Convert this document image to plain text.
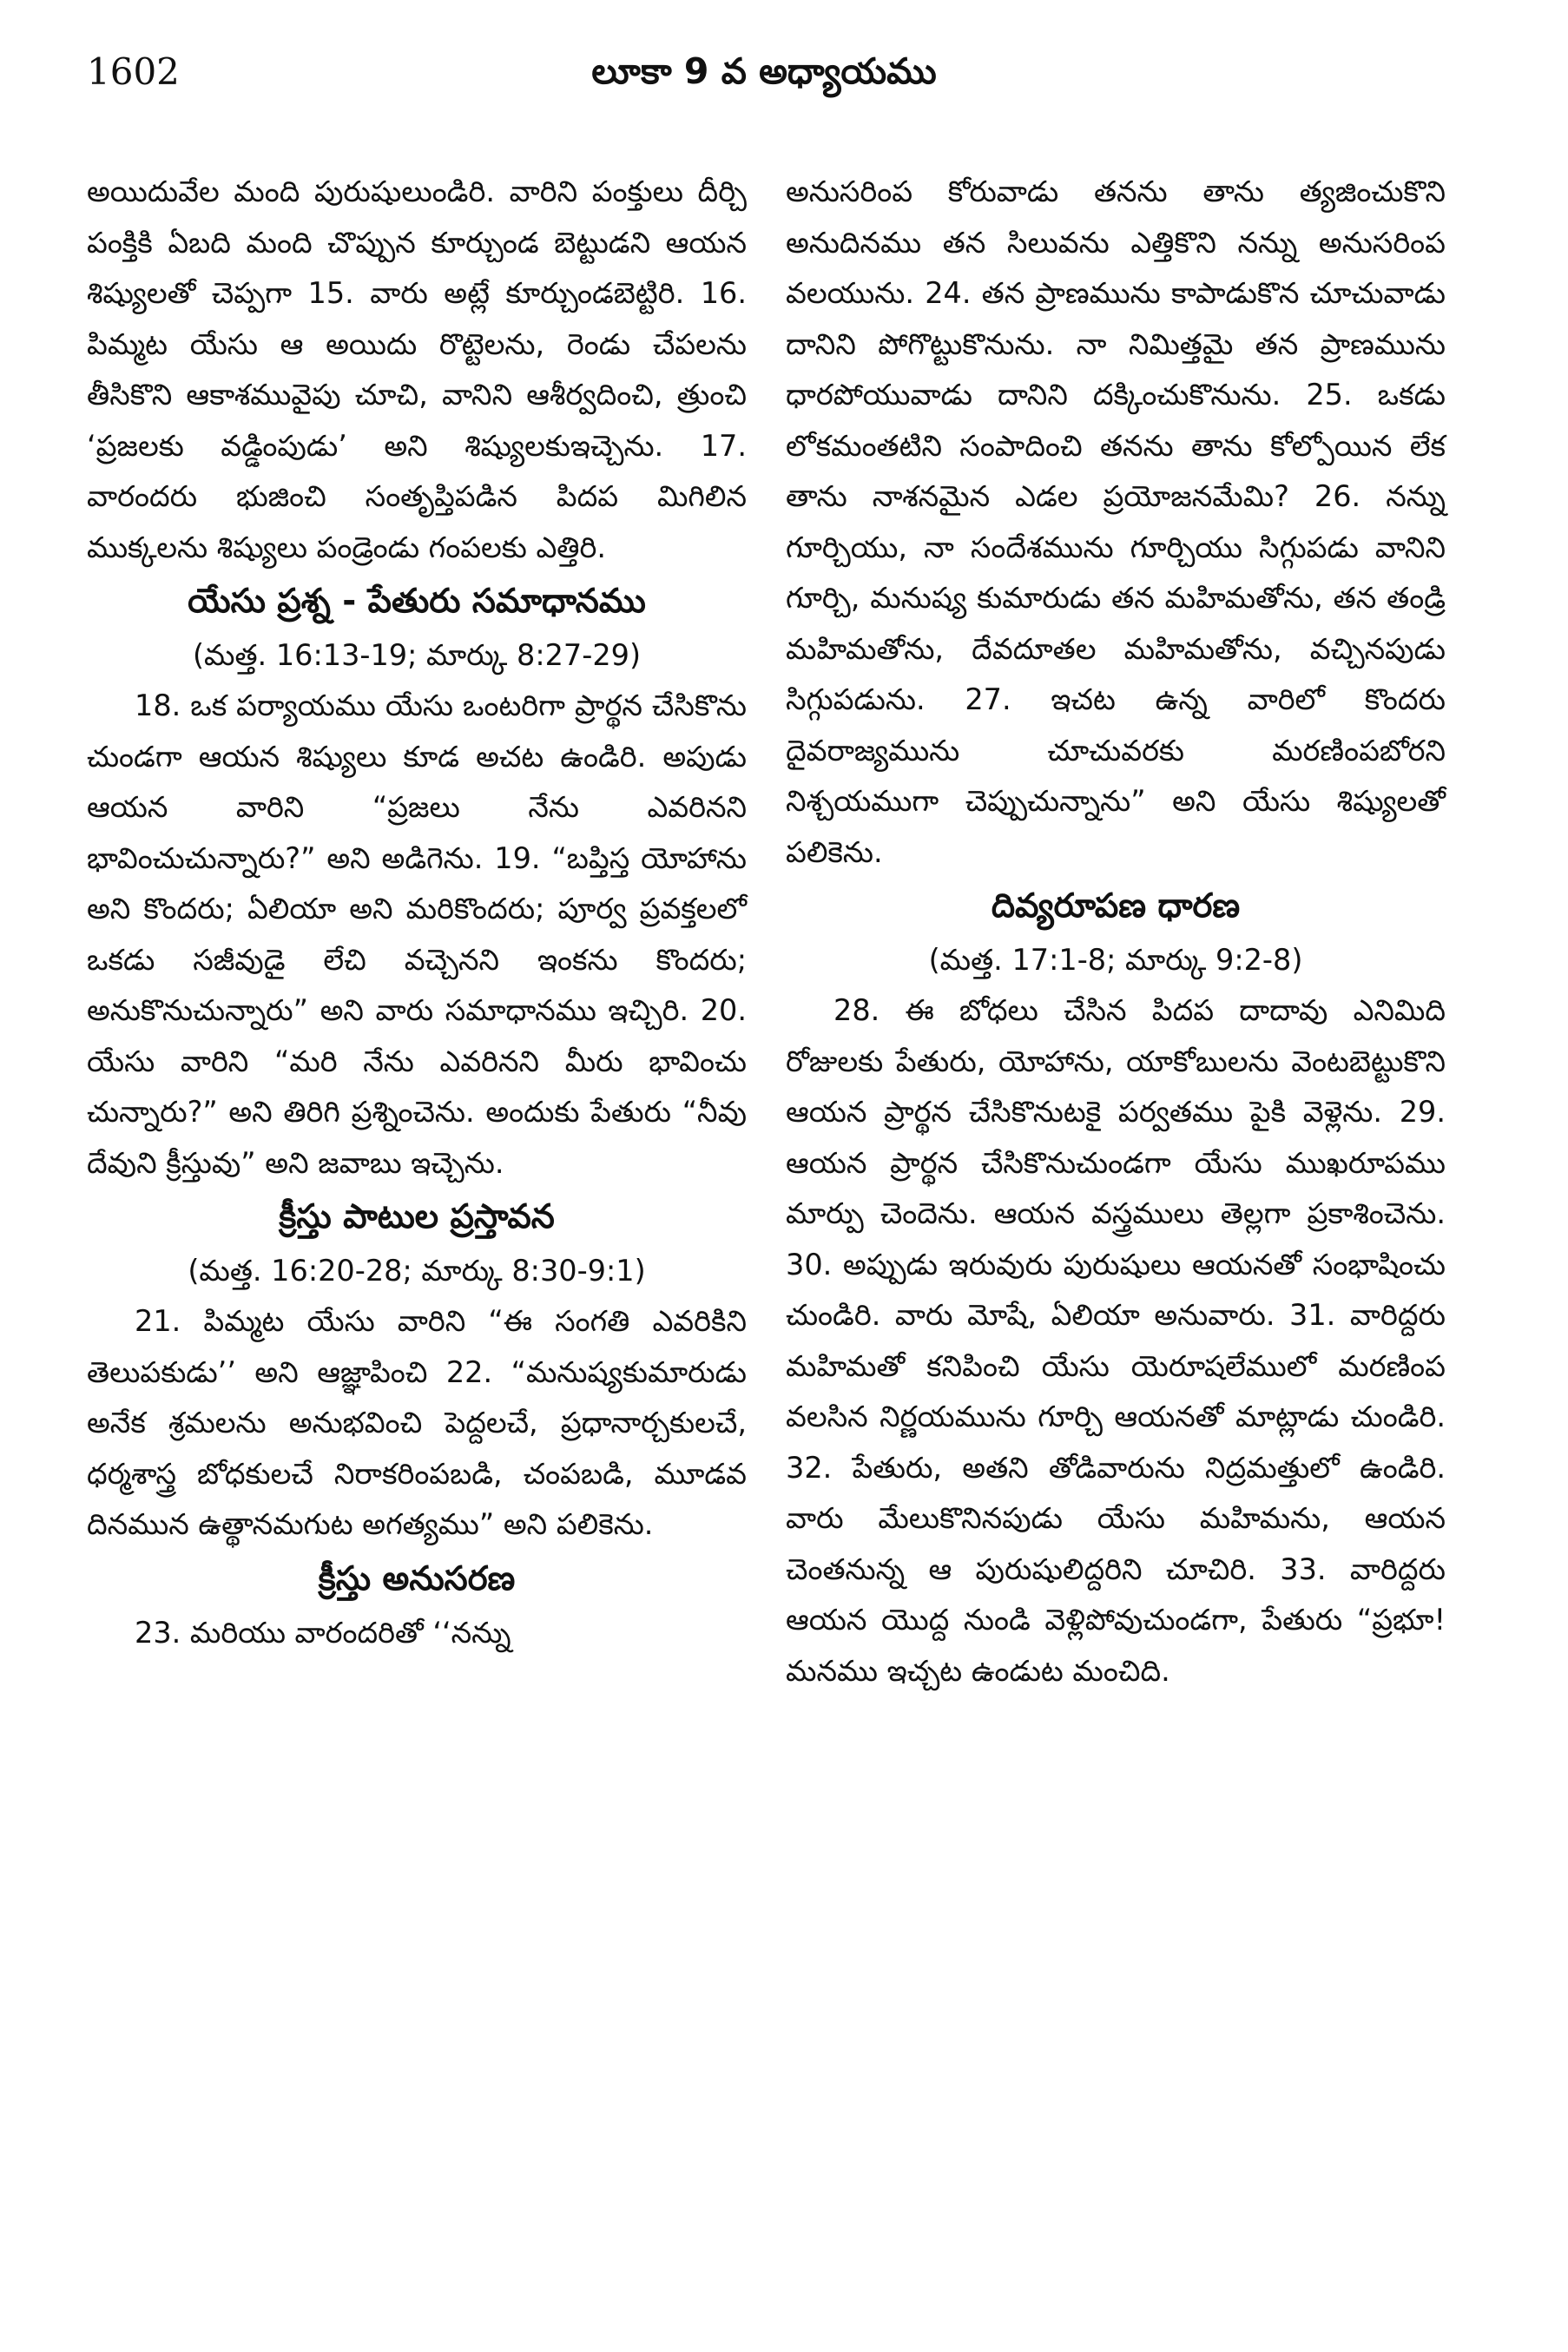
1602	లూకా 9 వ అధ్యాయము

అయిదువేల మంది పురుషులుండిరి. వారిని పంక్తులు దీర్చి పంక్తికి ఏబది మంది చొప్పున కూర్చుండ బెట్టుడని ఆయన శిష్యులతో చెప్పగా 15. వారు అట్లే కూర్చుండబెట్టిరి. 16. పిమ్మట యేసు ఆ అయిదు రొట్టెలను, రెండు చేపలను తీసికొని ఆకాశమువైపు చూచి, వానిని ఆశీర్వదించి, త్రుంచి ‘ప్రజలకు వడ్డింపుడు’ అని శిష్యులకుఇచ్చెను. 17. వారందరు భుజించి సంతృప్తిపడిన పిదప మిగిలిన ముక్కలను శిష్యులు పండ్రెండు గంపలకు ఎత్తిరి.

యేసు ప్రశ్న - పేతురు సమాధానము

(మత్త. 16:13-19; మార్కు 8:27-29)

18. ఒక పర్యాయము యేసు ఒంటరిగా ప్రార్థన చేసికొను చుండగా ఆయన శిష్యులు కూడ అచట ఉండిరి. అపుడు ఆయన వారిని “ప్రజలు నేను ఎవరినని భావించుచున్నారు?” అని అడిగెను. 19. “బప్తిస్త యోహాను అని కొందరు; ఏలియా అని మరికొందరు; పూర్వ ప్రవక్తలలో ఒకడు సజీవుడై లేచి వచ్చెనని ఇంకను కొందరు; అనుకొనుచున్నారు” అని వారు సమాధానము ఇచ్చిరి. 20. యేసు వారిని “మరి నేను ఎవరినని మీరు భావించు చున్నారు?” అని తిరిగి ప్రశ్నించెను. అందుకు పేతురు “నీవు దేవుని క్రీస్తువు” అని జవాబు ఇచ్చెను.

క్రీస్తు పాటుల ప్రస్తావన

(మత్త. 16:20-28; మార్కు 8:30-9:1)

21. పిమ్మట యేసు వారిని “ఈ సంగతి ఎవరికిని తెలుపకుడు’’ అని ఆజ్ఞాపించి 22. “మనుష్యకుమారుడు అనేక శ్రమలను అనుభవించి పెద్దలచే, ప్రధానార్చకులచే, ధర్మశాస్త్ర బోధకులచే నిరాకరింపబడి, చంపబడి, మూడవ దినమున ఉత్థానమగుట అగత్యము” అని పలికెను.

క్రీస్తు అనుసరణ

23. మరియు వారందరితో ‘‘నన్ను

అనుసరింప కోరువాడు తనను తాను త్యజించుకొని అనుదినము తన సిలువను ఎత్తికొని నన్ను అనుసరింప వలయును. 24. తన ప్రాణమును కాపాడుకొన చూచువాడు దానిని పోగొట్టుకొనును. నా నిమిత్తమై తన ప్రాణమును ధారపోయువాడు దానిని దక్కించుకొనును. 25. ఒకడు లోకమంతటిని సంపాదించి తనను తాను కోల్పోయిన లేక తాను నాశనమైన ఎడల ప్రయోజనమేమి? 26. నన్ను గూర్చియు, నా సందేశమును గూర్చియు సిగ్గుపడు వానిని గూర్చి, మనుష్య కుమారుడు తన మహిమతోను, తన తండ్రి మహిమతోను, దేవదూతల మహిమతోను, వచ్చినపుడు సిగ్గుపడును. 27. ఇచట ఉన్న వారిలో కొందరు దైవరాజ్యమును చూచువరకు మరణింపబోరని నిశ్చయముగా చెప్పుచున్నాను” అని యేసు శిష్యులతో పలికెను.

దివ్యరూపణ ధారణ

(మత్త. 17:1-8; మార్కు 9:2-8)

28. ఈ బోధలు చేసిన పిదప దాదావు ఎనిమిది రోజులకు పేతురు, యోహాను, యాకోబులను వెంటబెట్టుకొని ఆయన ప్రార్థన చేసికొనుటకై పర్వతము పైకి వెళ్లెను. 29. ఆయన ప్రార్థన చేసికొనుచుండగా యేసు ముఖరూపము మార్పు చెందెను. ఆయన వస్త్రములు తెల్లగా ప్రకాశించెను. 30. అప్పుడు ఇరువురు పురుషులు ఆయనతో సంభాషించు చుండిరి. వారు మోషే, ఏలియా అనువారు. 31. వారిద్దరు మహిమతో కనిపించి యేసు యెరూషలేములో మరణింప వలసిన నిర్ణయమును గూర్చి ఆయనతో మాట్లాడు చుండిరి. 32. పేతురు, అతని తోడివారును నిద్రమత్తులో ఉండిరి. వారు మేలుకొనినపుడు యేసు మహిమను, ఆయన చెంతనున్న ఆ పురుషులిద్దరిని చూచిరి. 33. వారిద్దరు ఆయన యొద్ద నుండి వెళ్లిపోవుచుండగా, పేతురు “ప్రభూ! మనము ఇచ్చట ఉండుట మంచిది.
